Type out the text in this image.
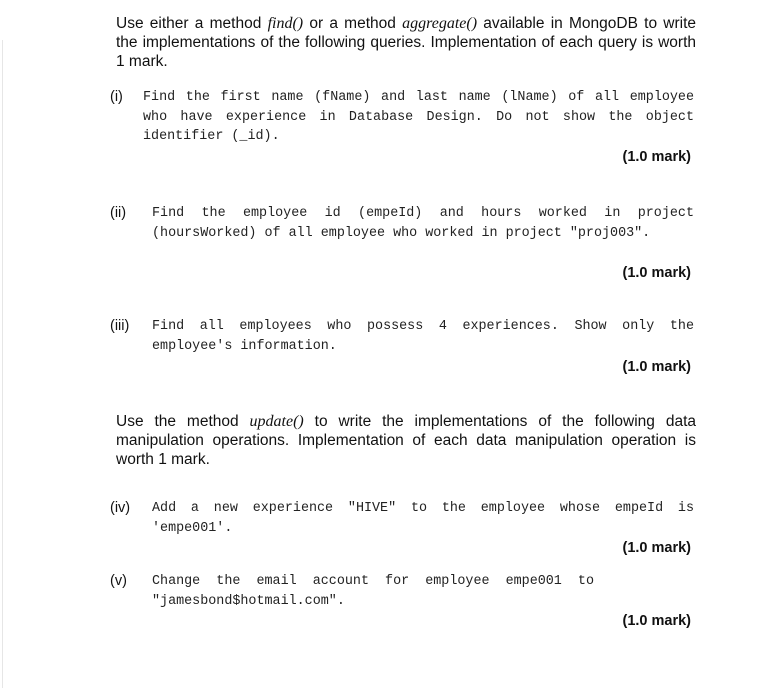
Use either a method find() or a method aggregate() available in MongoDB to write the implementations of the following queries. Implementation of each query is worth 1 mark.
(i)	Find the first name (fName) and last name (lName) of all employee who have experience in Database Design. Do not show the object identifier (_id).
(1.0 mark)
(ii)	Find the employee id (empeId) and hours worked in project (hoursWorked) of all employee who worked in project "proj003".
(1.0 mark)
(iii)	Find all employees who possess 4 experiences. Show only the employee's information.
(1.0 mark)
Use the method update() to write the implementations of the following data manipulation operations. Implementation of each data manipulation operation is worth 1 mark.
(iv)	Add a new experience "HIVE" to the employee whose empeId is 'empe001'.
(1.0 mark)
(v)	Change the email account for employee empe001 to "jamesbond$hotmail.com".
(1.0 mark)
